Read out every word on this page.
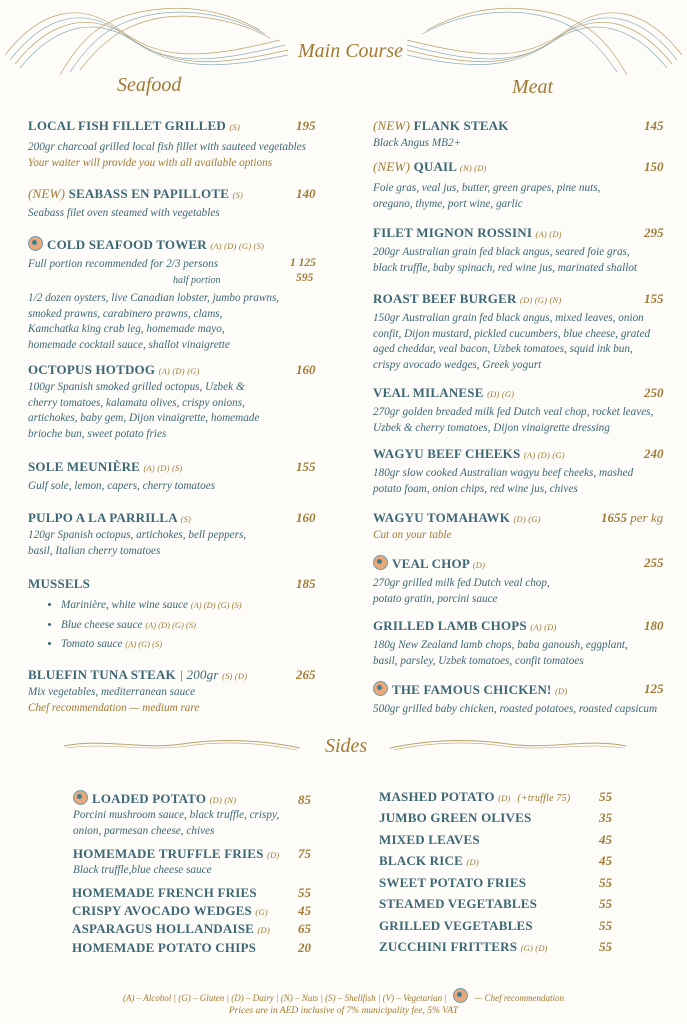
Main Course
Seafood	Meat
LOCAL FISH FILLET GRILLED (S)	195
200gr charcoal grilled local fish fillet with sauteed vegetables
Your waiter will provide you with all available options
(NEW) SEABASS EN PAPILLOTE (S)	140
Seabass filet oven steamed with vegetables
COLD SEAFOOD TOWER (A) (D) (G) (S)
Full portion recommended for 2/3 persons	1 125
half portion	595
1/2 dozen oysters, live Canadian lobster, jumbo prawns,
smoked prawns, carabinero prawns, clams,
Kamchatka king crab leg, homemade mayo,
homemade cocktail sauce, shallot vinaigrette
OCTOPUS HOTDOG (A) (D) (G)	160
100gr Spanish smoked grilled octopus, Uzbek &
cherry tomatoes, kalamata olives, crispy onions,
artichokes, baby gem, Dijon vinaigrette, homemade
brioche bun, sweet potato fries
SOLE MEUNIÈRE (A) (D) (S)	155
Gulf sole, lemon, capers, cherry tomatoes
PULPO A LA PARRILLA (S)	160
120gr Spanish octopus, artichokes, bell peppers,
basil, Italian cherry tomatoes
MUSSELS	185
• Marinière, white wine sauce (A) (D) (G) (S)
• Blue cheese sauce (A) (D) (G) (S)
• Tomato sauce (A) (G) (S)
BLUEFIN TUNA STEAK | 200gr (S) (D)	265
Mix vegetables, mediterranean sauce
Chef recommendation — medium rare
(NEW) FLANK STEAK	145
Black Angus MB2+
(NEW) QUAIL (N) (D)	150
Foie gras, veal jus, butter, green grapes, pine nuts,
oregano, thyme, port wine, garlic
FILET MIGNON ROSSINI (A) (D)	295
200gr Australian grain fed black angus, seared foie gras,
black truffle, baby spinach, red wine jus, marinated shallot
ROAST BEEF BURGER (D) (G) (N)	155
150gr Australian grain fed black angus, mixed leaves, onion
confit, Dijon mustard, pickled cucumbers, blue cheese, grated
aged cheddar, veal bacon, Uzbek tomatoes, squid ink bun,
crispy avocado wedges, Greek yogurt
VEAL MILANESE (D) (G)	250
270gr golden breaded milk fed Dutch veal chop, rocket leaves,
Uzbek & cherry tomatoes, Dijon vinaigrette dressing
WAGYU BEEF CHEEKS (A) (D) (G)	240
180gr slow cooked Australian wagyu beef cheeks, mashed
potato foam, onion chips, red wine jus, chives
WAGYU TOMAHAWK (D) (G)	1655 per kg
Cut on your table
VEAL CHOP (D)	255
270gr grilled milk fed Dutch veal chop,
potato gratin, porcini sauce
GRILLED LAMB CHOPS (A) (D)	180
180g New Zealand lamb chops, baba ganoush, eggplant,
basil, parsley, Uzbek tomatoes, confit tomatoes
THE FAMOUS CHICKEN! (D)	125
500gr grilled baby chicken, roasted potatoes, roasted capsicum
Sides
LOADED POTATO (D) (N)	85
Porcini mushroom sauce, black truffle, crispy,
onion, parmesan cheese, chives
HOMEMADE TRUFFLE FRIES (D)	75
Black truffle,blue cheese sauce
HOMEMADE FRENCH FRIES	55
CRISPY AVOCADO WEDGES (G) 45
ASPARAGUS HOLLANDAISE (D) 65
HOMEMADE POTATO CHIPS	20
MASHED POTATO (D) (+truffle 75) 55
JUMBO GREEN OLIVES	35
MIXED LEAVES	45
BLACK RICE (D)	45
SWEET POTATO FRIES	55
STEAMED VEGETABLES	55
GRILLED VEGETABLES	55
ZUCCHINI FRITTERS (G) (D)	55
(A) – Alcohol | (G) – Gluten | (D) – Dairy | (N) – Nuts | (S) – Shellfish | (V) – Vegetarian |	— Chef recommendation
Prices are in AED inclusive of 7% municipality fee, 5% VAT
